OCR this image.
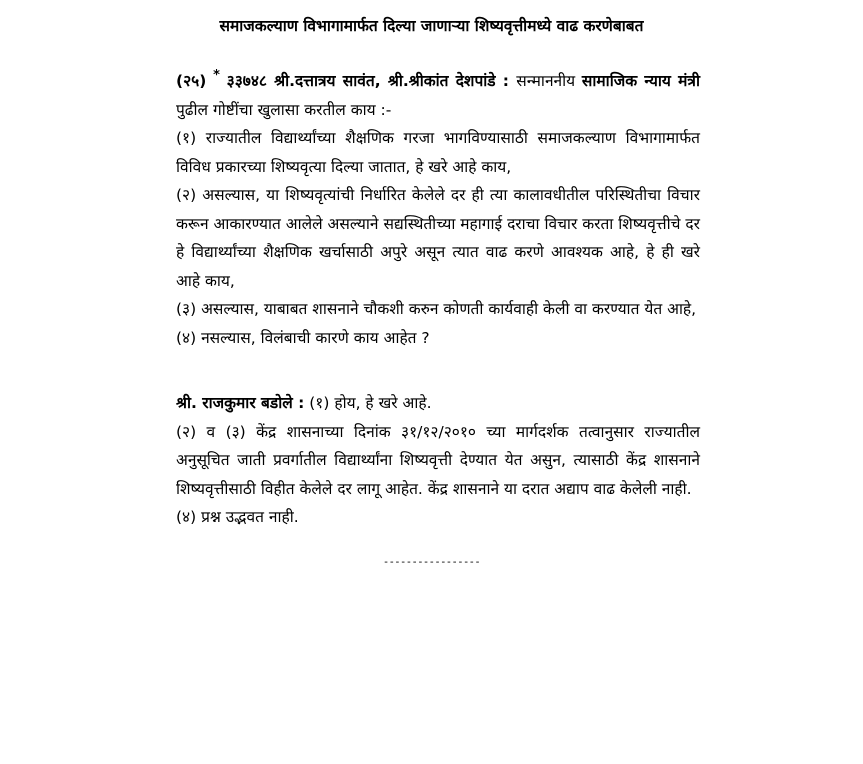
समाजकल्याण विभागामार्फत दिल्या जाणाऱ्या शिष्यवृत्तीमध्ये वाढ करणेबाबत

(२५) * ३३७४८ श्री.दत्तात्रय सावंत, श्री.श्रीकांत देशपांडे : सन्माननीय सामाजिक न्याय मंत्री पुढील गोष्टींचा खुलासा करतील काय :-

(१) राज्यातील विद्यार्थ्यांच्या शैक्षणिक गरजा भागविण्यासाठी समाजकल्याण विभागामार्फत विविध प्रकारच्या शिष्यवृत्या दिल्या जातात, हे खरे आहे काय,

(२) असल्यास, या शिष्यवृत्यांची निर्धारित केलेले दर ही त्या कालावधीतील परिस्थितीचा विचार करून आकारण्यात आलेले असल्याने सद्यस्थितीच्या महागाई दराचा विचार करता शिष्यवृत्तीचे दर हे विद्यार्थ्यांच्या शैक्षणिक खर्चासाठी अपुरे असून त्यात वाढ करणे आवश्यक आहे, हे ही खरे आहे काय,

(३) असल्यास, याबाबत शासनाने चौकशी करुन कोणती कार्यवाही केली वा करण्यात येत आहे,

(४) नसल्यास, विलंबाची कारणे काय आहेत ?

श्री. राजकुमार बडोले : (१) होय, हे खरे आहे.

(२) व (३) केंद्र शासनाच्या दिनांक ३१/१२/२०१० च्या मार्गदर्शक तत्वानुसार राज्यातील अनुसूचित जाती प्रवर्गातील विद्यार्थ्यांना शिष्यवृत्ती देण्यात येत असुन, त्यासाठी केंद्र शासनाने शिष्यवृत्तीसाठी विहीत केलेले दर लागू आहेत. केंद्र शासनाने या दरात अद्याप वाढ केलेली नाही.

(४) प्रश्न उद्भवत नाही.

-----------------
